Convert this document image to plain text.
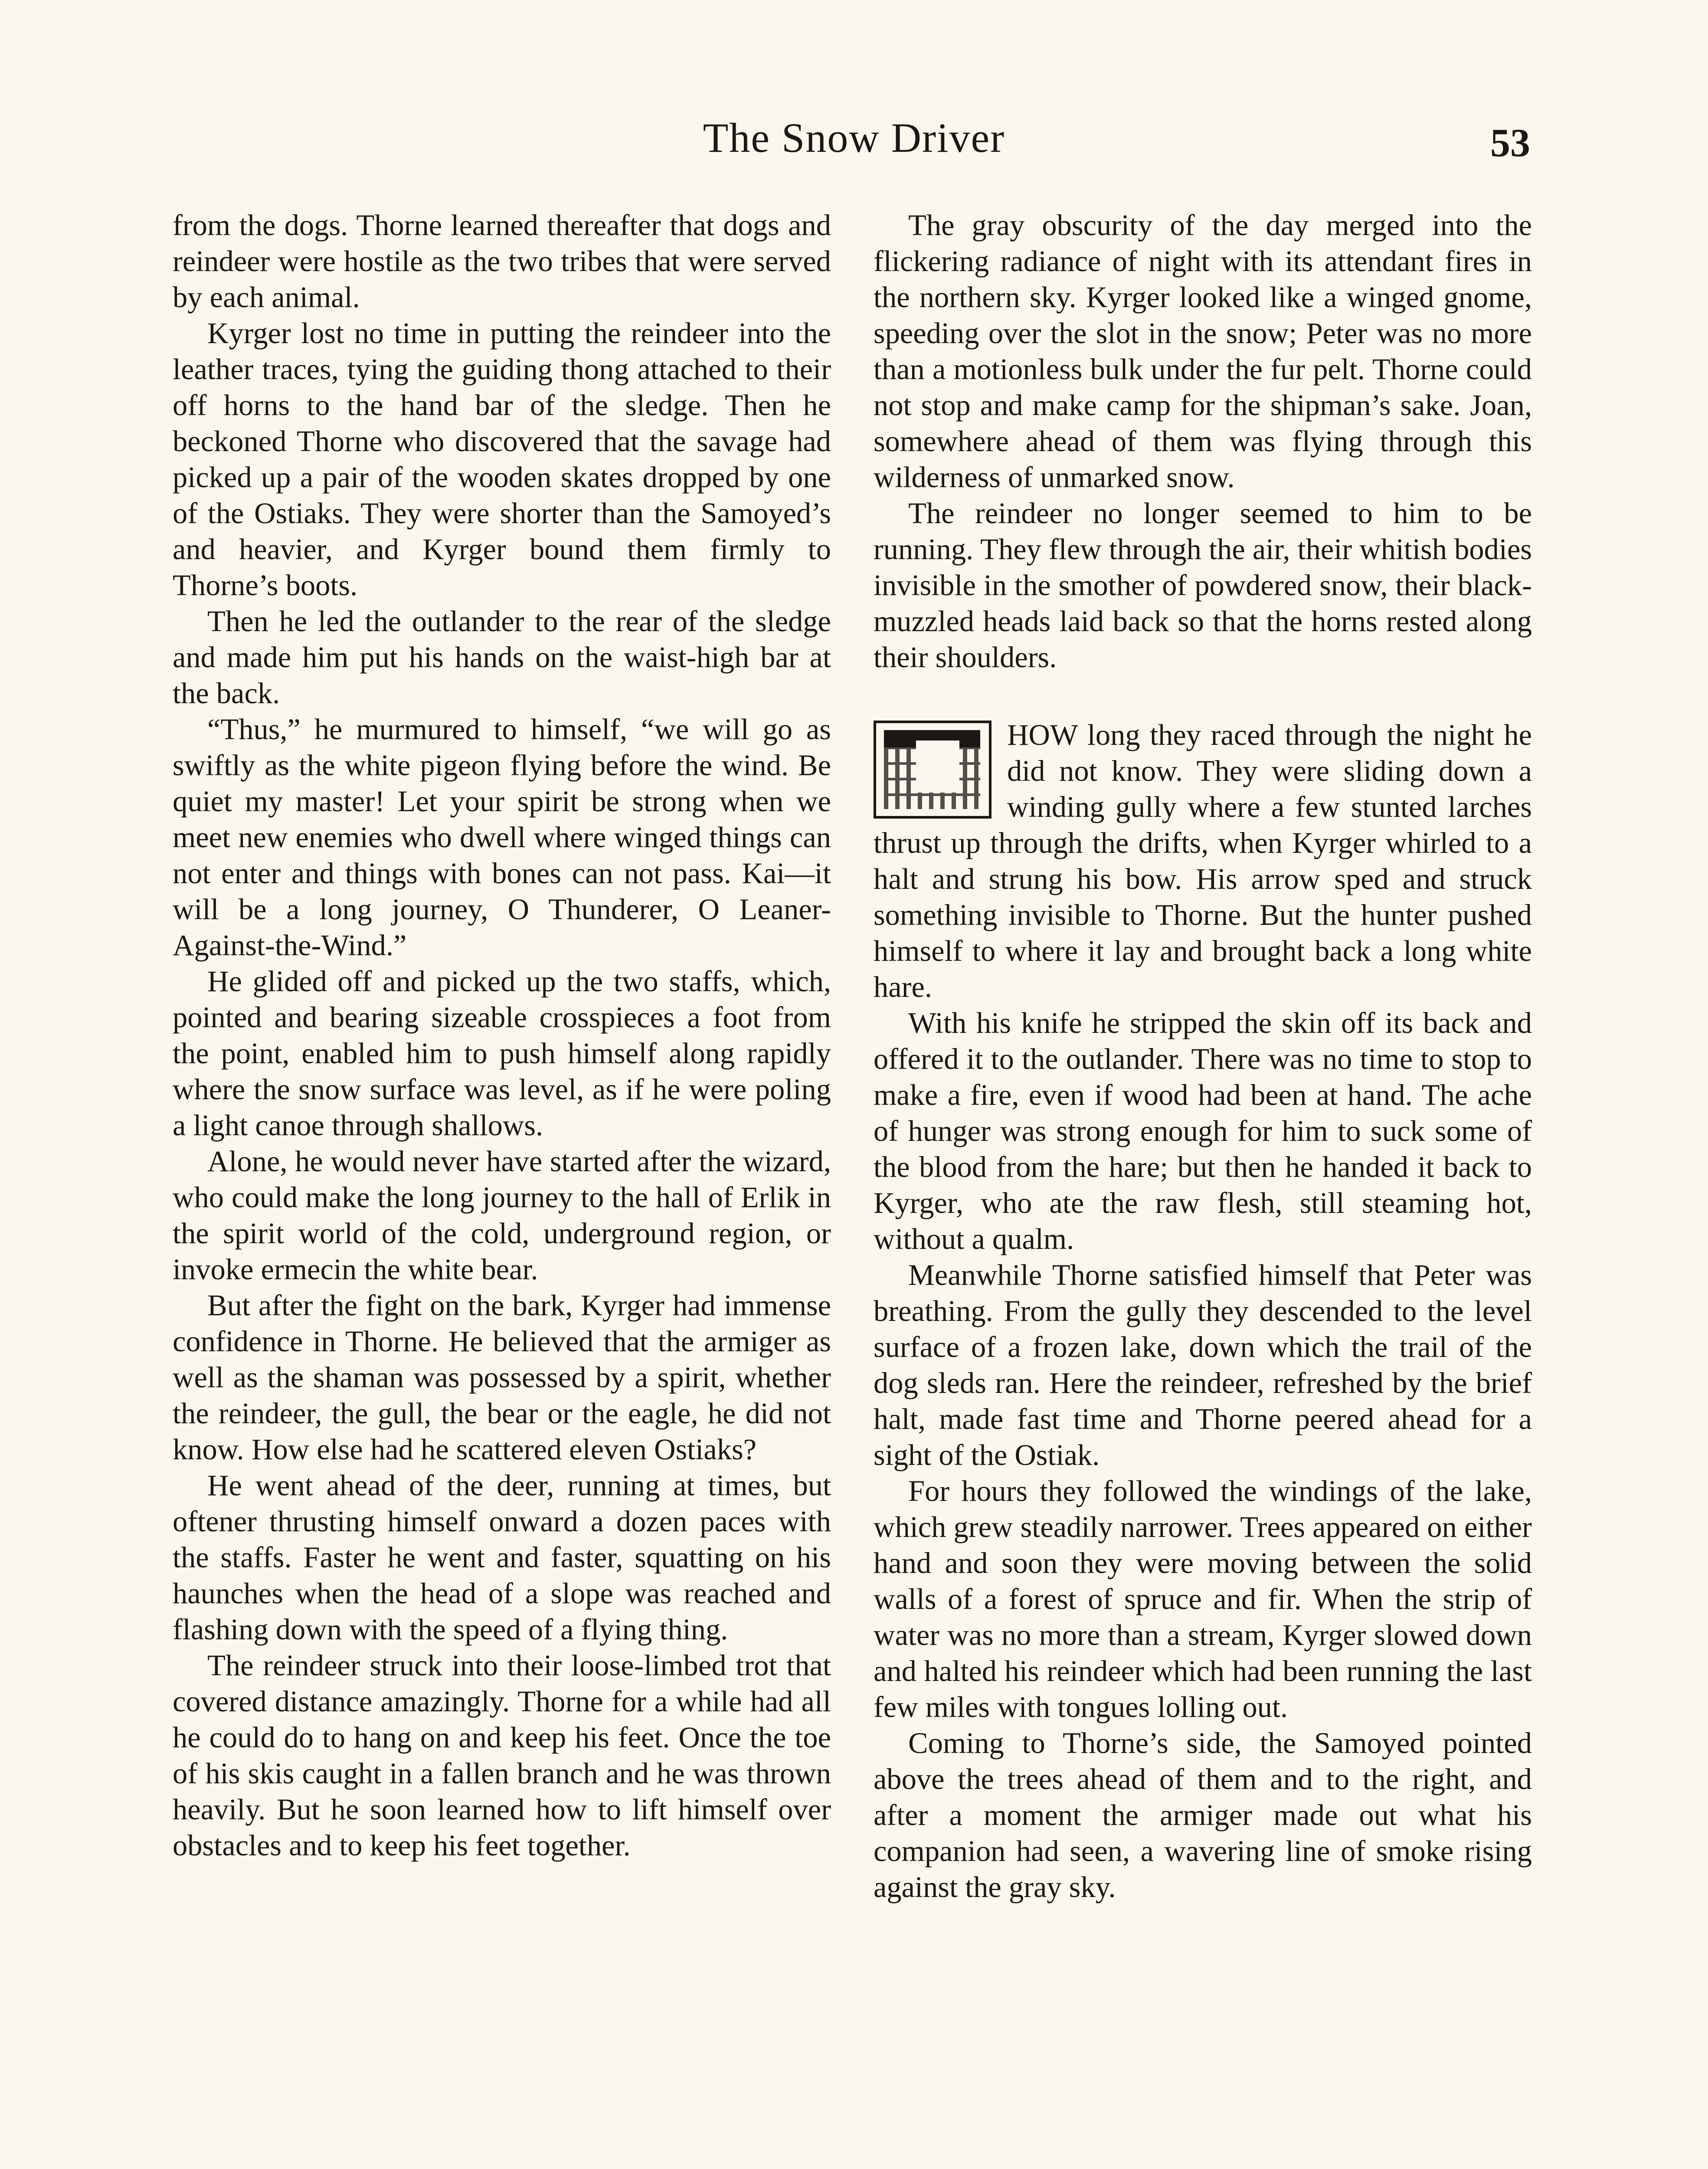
The Snow Driver	53

from the dogs. Thorne learned thereafter that dogs and reindeer were hostile as the two tribes that were served by each animal.

Kyrger lost no time in putting the reindeer into the leather traces, tying the guiding thong attached to their off horns to the hand bar of the sledge. Then he beckoned Thorne who discovered that the savage had picked up a pair of the wooden skates dropped by one of the Ostiaks. They were shorter than the Samoyed’s and heavier, and Kyrger bound them firmly to Thorne’s boots.

Then he led the outlander to the rear of the sledge and made him put his hands on the waist-high bar at the back.

“Thus,” he murmured to himself, “we will go as swiftly as the white pigeon flying before the wind. Be quiet my master! Let your spirit be strong when we meet new enemies who dwell where winged things can not enter and things with bones can not pass. Kai—it will be a long journey, O Thunderer, O Leaner-Against-the-Wind.”

He glided off and picked up the two staffs, which, pointed and bearing sizeable crosspieces a foot from the point, enabled him to push himself along rapidly where the snow surface was level, as if he were poling a light canoe through shallows.

Alone, he would never have started after the wizard, who could make the long journey to the hall of Erlik in the spirit world of the cold, underground region, or invoke ermecin the white bear.

But after the fight on the bark, Kyrger had immense confidence in Thorne. He believed that the armiger as well as the shaman was possessed by a spirit, whether the reindeer, the gull, the bear or the eagle, he did not know. How else had he scattered eleven Ostiaks?

He went ahead of the deer, running at times, but oftener thrusting himself onward a dozen paces with the staffs. Faster he went and faster, squatting on his haunches when the head of a slope was reached and flashing down with the speed of a flying thing.

The reindeer struck into their loose-limbed trot that covered distance amazingly. Thorne for a while had all he could do to hang on and keep his feet. Once the toe of his skis caught in a fallen branch and he was thrown heavily. But he soon learned how to lift himself over obstacles and to keep his feet together.

The gray obscurity of the day merged into the flickering radiance of night with its attendant fires in the northern sky. Kyrger looked like a winged gnome, speeding over the slot in the snow; Peter was no more than a motionless bulk under the fur pelt. Thorne could not stop and make camp for the shipman’s sake. Joan, somewhere ahead of them was flying through this wilderness of unmarked snow.

The reindeer no longer seemed to him to be running. They flew through the air, their whitish bodies invisible in the smother of powdered snow, their black-muzzled heads laid back so that the horns rested along their shoulders.

HOW long they raced through the night he did not know. They were sliding down a winding gully where a few stunted larches thrust up through the drifts, when Kyrger whirled to a halt and strung his bow. His arrow sped and struck something invisible to Thorne. But the hunter pushed himself to where it lay and brought back a long white hare.

With his knife he stripped the skin off its back and offered it to the outlander. There was no time to stop to make a fire, even if wood had been at hand. The ache of hunger was strong enough for him to suck some of the blood from the hare; but then he handed it back to Kyrger, who ate the raw flesh, still steaming hot, without a qualm.

Meanwhile Thorne satisfied himself that Peter was breathing. From the gully they descended to the level surface of a frozen lake, down which the trail of the dog sleds ran. Here the reindeer, refreshed by the brief halt, made fast time and Thorne peered ahead for a sight of the Ostiak.

For hours they followed the windings of the lake, which grew steadily narrower. Trees appeared on either hand and soon they were moving between the solid walls of a forest of spruce and fir. When the strip of water was no more than a stream, Kyrger slowed down and halted his reindeer which had been running the last few miles with tongues lolling out.

Coming to Thorne’s side, the Samoyed pointed above the trees ahead of them and to the right, and after a moment the armiger made out what his companion had seen, a wavering line of smoke rising against the gray sky.
